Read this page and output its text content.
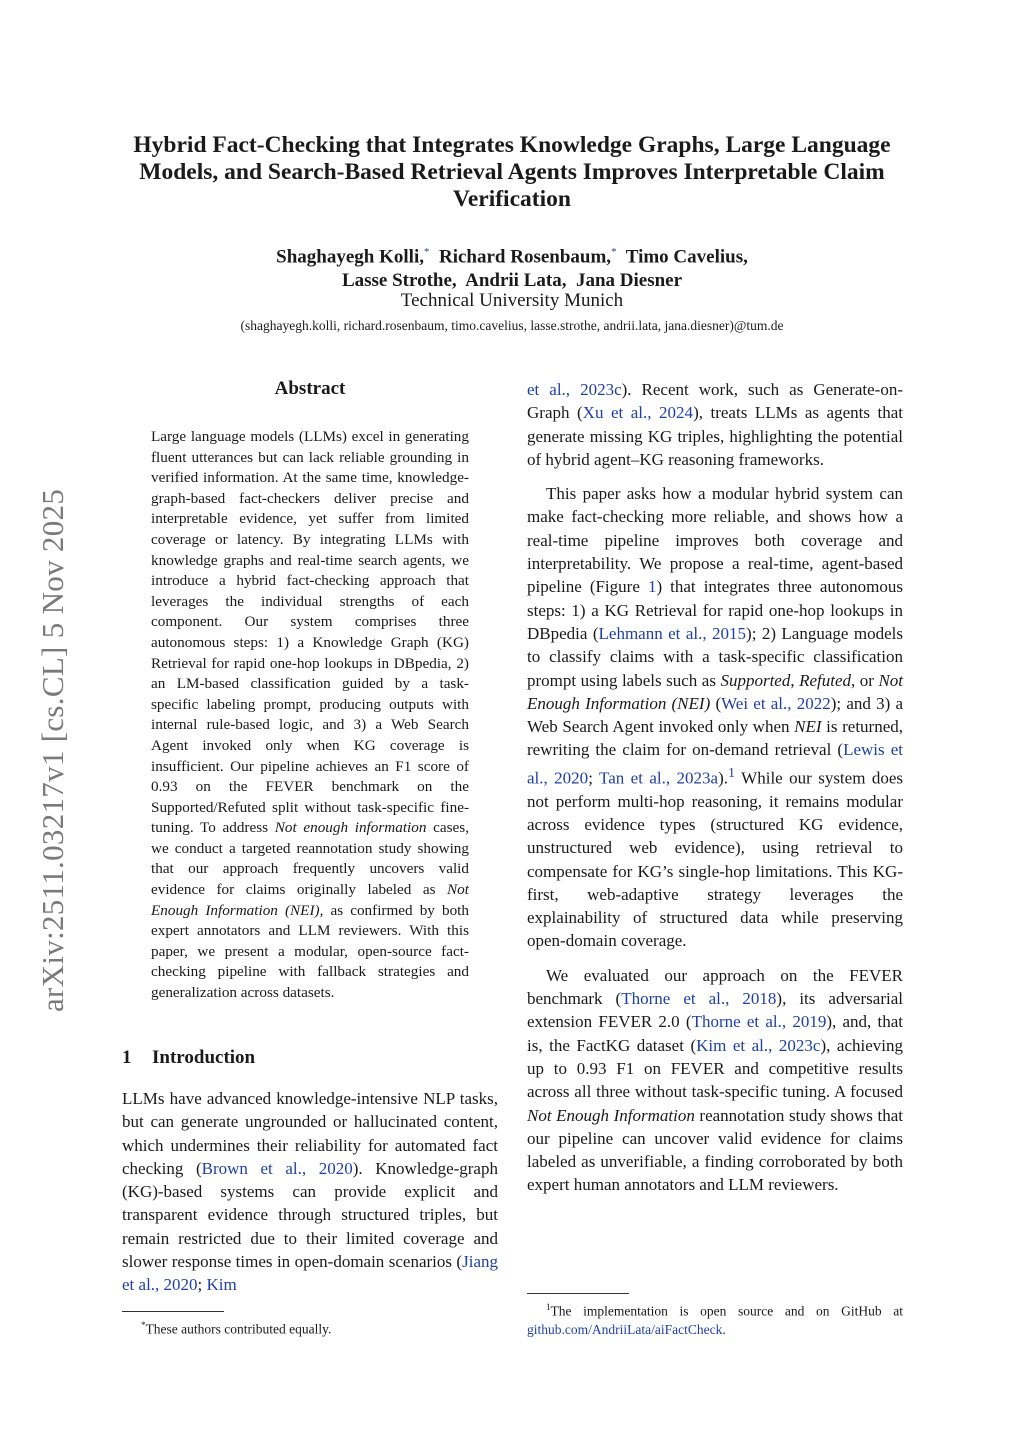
arXiv:2511.03217v1 [cs.CL] 5 Nov 2025
Hybrid Fact-Checking that Integrates Knowledge Graphs, Large Language Models, and Search-Based Retrieval Agents Improves Interpretable Claim Verification
Shaghayegh Kolli,* Richard Rosenbaum,* Timo Cavelius,
Lasse Strothe, Andrii Lata, Jana Diesner
Technical University Munich
(shaghayegh.kolli, richard.rosenbaum, timo.cavelius, lasse.strothe, andrii.lata, jana.diesner)@tum.de
Abstract
Large language models (LLMs) excel in generating fluent utterances but can lack reliable grounding in verified information. At the same time, knowledge-graph-based fact-checkers deliver precise and interpretable evidence, yet suffer from limited coverage or latency. By integrating LLMs with knowledge graphs and real-time search agents, we introduce a hybrid fact-checking approach that leverages the individual strengths of each component. Our system comprises three autonomous steps: 1) a Knowledge Graph (KG) Retrieval for rapid one-hop lookups in DBpedia, 2) an LM-based classification guided by a task-specific labeling prompt, producing outputs with internal rule-based logic, and 3) a Web Search Agent invoked only when KG coverage is insufficient. Our pipeline achieves an F1 score of 0.93 on the FEVER benchmark on the Supported/Refuted split without task-specific fine-tuning. To address Not enough information cases, we conduct a targeted reannotation study showing that our approach frequently uncovers valid evidence for claims originally labeled as Not Enough Information (NEI), as confirmed by both expert annotators and LLM reviewers. With this paper, we present a modular, open-source fact-checking pipeline with fallback strategies and generalization across datasets.
1 Introduction

LLMs have advanced knowledge-intensive NLP tasks, but can generate ungrounded or hallucinated content, which undermines their reliability for automated fact checking (Brown et al., 2020). Knowledge-graph (KG)-based systems can provide explicit and transparent evidence through structured triples, but remain restricted due to their limited coverage and slower response times in open-domain scenarios (Jiang et al., 2020; Kim

et al., 2023c). Recent work, such as Generate-on-Graph (Xu et al., 2024), treats LLMs as agents that generate missing KG triples, highlighting the potential of hybrid agent–KG reasoning frameworks.

This paper asks how a modular hybrid system can make fact-checking more reliable, and shows how a real-time pipeline improves both coverage and interpretability. We propose a real-time, agent-based pipeline (Figure 1) that integrates three autonomous steps: 1) a KG Retrieval for rapid one-hop lookups in DBpedia (Lehmann et al., 2015); 2) Language models to classify claims with a task-specific classification prompt using labels such as Supported, Refuted, or Not Enough Information (NEI) (Wei et al., 2022); and 3) a Web Search Agent invoked only when NEI is returned, rewriting the claim for on-demand retrieval (Lewis et al., 2020; Tan et al., 2023a).$^1$ While our system does not perform multi-hop reasoning, it remains modular across evidence types (structured KG evidence, unstructured web evidence), using retrieval to compensate for KG’s single-hop limitations. This KG-first, web-adaptive strategy leverages the explainability of structured data while preserving open-domain coverage.

We evaluated our approach on the FEVER benchmark (Thorne et al., 2018), its adversarial extension FEVER 2.0 (Thorne et al., 2019), and, that is, the FactKG dataset (Kim et al., 2023c), achieving up to 0.93 F1 on FEVER and competitive results across all three without task-specific tuning. A focused Not Enough Information reannotation study shows that our pipeline can uncover valid evidence for claims labeled as unverifiable, a finding corroborated by both expert human annotators and LLM reviewers.

*These authors contributed equally.
$^1$The implementation is open source and on GitHub at github.com/AndriiLata/aiFactCheck.
